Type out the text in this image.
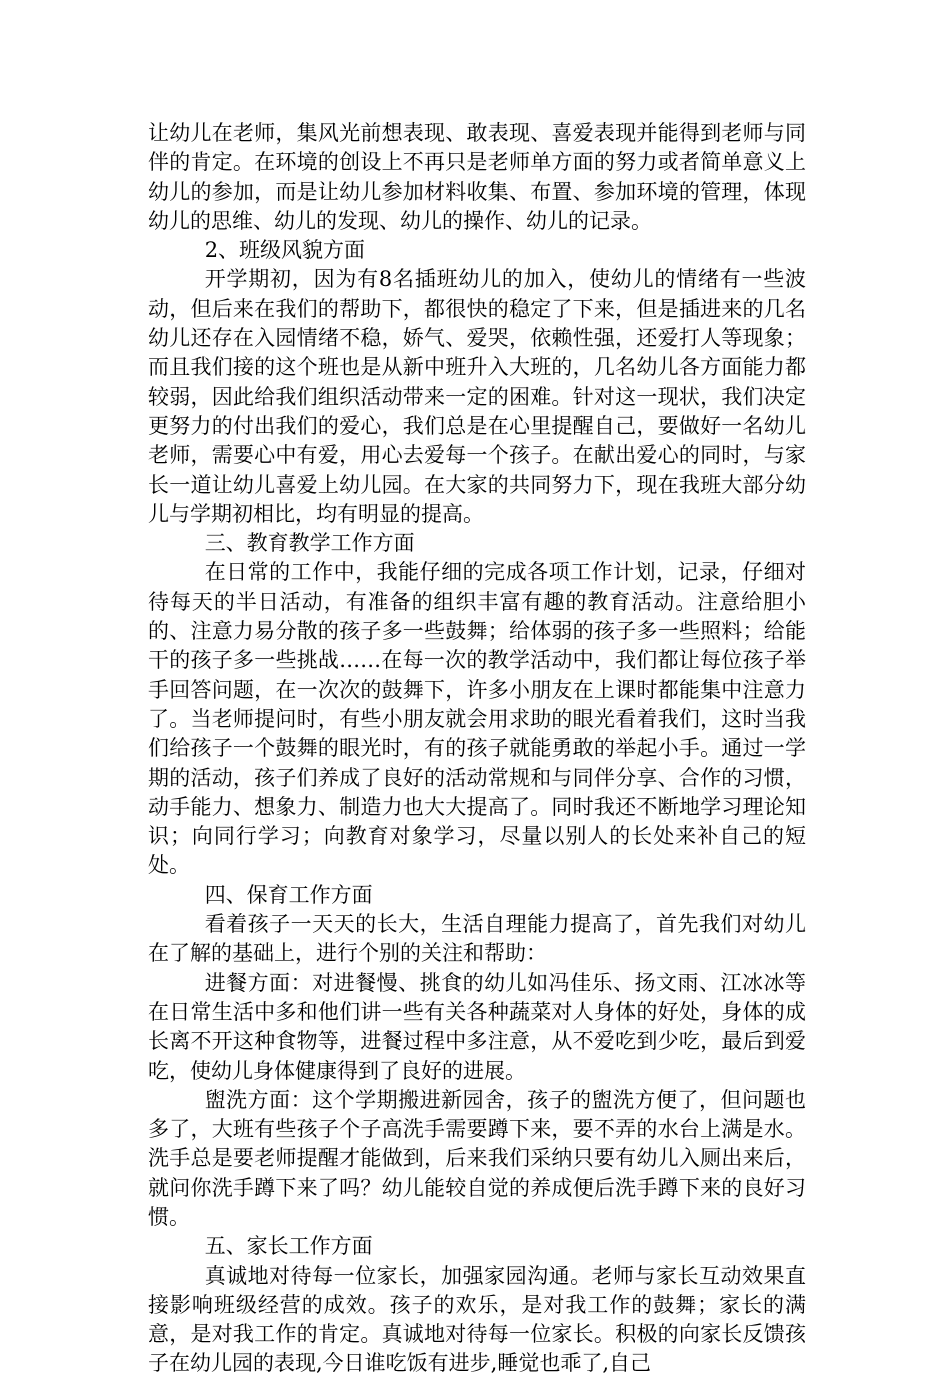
让幼儿在老师，集风光前想表现、敢表现、喜爱表现并能得到老师与同伴的肯定。在环境的创设上不再只是老师单方面的努力或者简单意义上幼儿的参加，而是让幼儿参加材料收集、布置、参加环境的管理，体现幼儿的思维、幼儿的发现、幼儿的操作、幼儿的记录。

2、班级风貌方面

开学期初，因为有8名插班幼儿的加入，使幼儿的情绪有一些波动，但后来在我们的帮助下，都很快的稳定了下来，但是插进来的几名幼儿还存在入园情绪不稳，娇气、爱哭，依赖性强，还爱打人等现象；而且我们接的这个班也是从新中班升入大班的，几名幼儿各方面能力都较弱，因此给我们组织活动带来一定的困难。针对这一现状，我们决定更努力的付出我们的爱心，我们总是在心里提醒自己，要做好一名幼儿老师，需要心中有爱，用心去爱每一个孩子。在献出爱心的同时，与家长一道让幼儿喜爱上幼儿园。在大家的共同努力下，现在我班大部分幼儿与学期初相比，均有明显的提高。

三、教育教学工作方面

在日常的工作中，我能仔细的完成各项工作计划，记录，仔细对待每天的半日活动，有准备的组织丰富有趣的教育活动。注意给胆小的、注意力易分散的孩子多一些鼓舞；给体弱的孩子多一些照料；给能干的孩子多一些挑战……在每一次的教学活动中，我们都让每位孩子举手回答问题，在一次次的鼓舞下，许多小朋友在上课时都能集中注意力了。当老师提问时，有些小朋友就会用求助的眼光看着我们，这时当我们给孩子一个鼓舞的眼光时，有的孩子就能勇敢的举起小手。通过一学期的活动，孩子们养成了良好的活动常规和与同伴分享、合作的习惯，动手能力、想象力、制造力也大大提高了。同时我还不断地学习理论知识；向同行学习；向教育对象学习，尽量以别人的长处来补自己的短处。

四、保育工作方面

看着孩子一天天的长大，生活自理能力提高了，首先我们对幼儿在了解的基础上，进行个别的关注和帮助：

进餐方面：对进餐慢、挑食的幼儿如冯佳乐、扬文雨、江冰冰等在日常生活中多和他们讲一些有关各种蔬菜对人身体的好处，身体的成长离不开这种食物等，进餐过程中多注意，从不爱吃到少吃，最后到爱吃，使幼儿身体健康得到了良好的进展。

盥洗方面：这个学期搬进新园舍，孩子的盥洗方便了，但问题也多了，大班有些孩子个子高洗手需要蹲下来，要不弄的水台上满是水。洗手总是要老师提醒才能做到，后来我们采纳只要有幼儿入厕出来后，就问你洗手蹲下来了吗？幼儿能较自觉的养成便后洗手蹲下来的良好习惯。

五、家长工作方面

真诚地对待每一位家长，加强家园沟通。老师与家长互动效果直接影响班级经营的成效。孩子的欢乐，是对我工作的鼓舞；家长的满意，是对我工作的肯定。真诚地对待每一位家长。积极的向家长反馈孩子在幼儿园的表现,今日谁吃饭有进步,睡觉也乖了,自己
